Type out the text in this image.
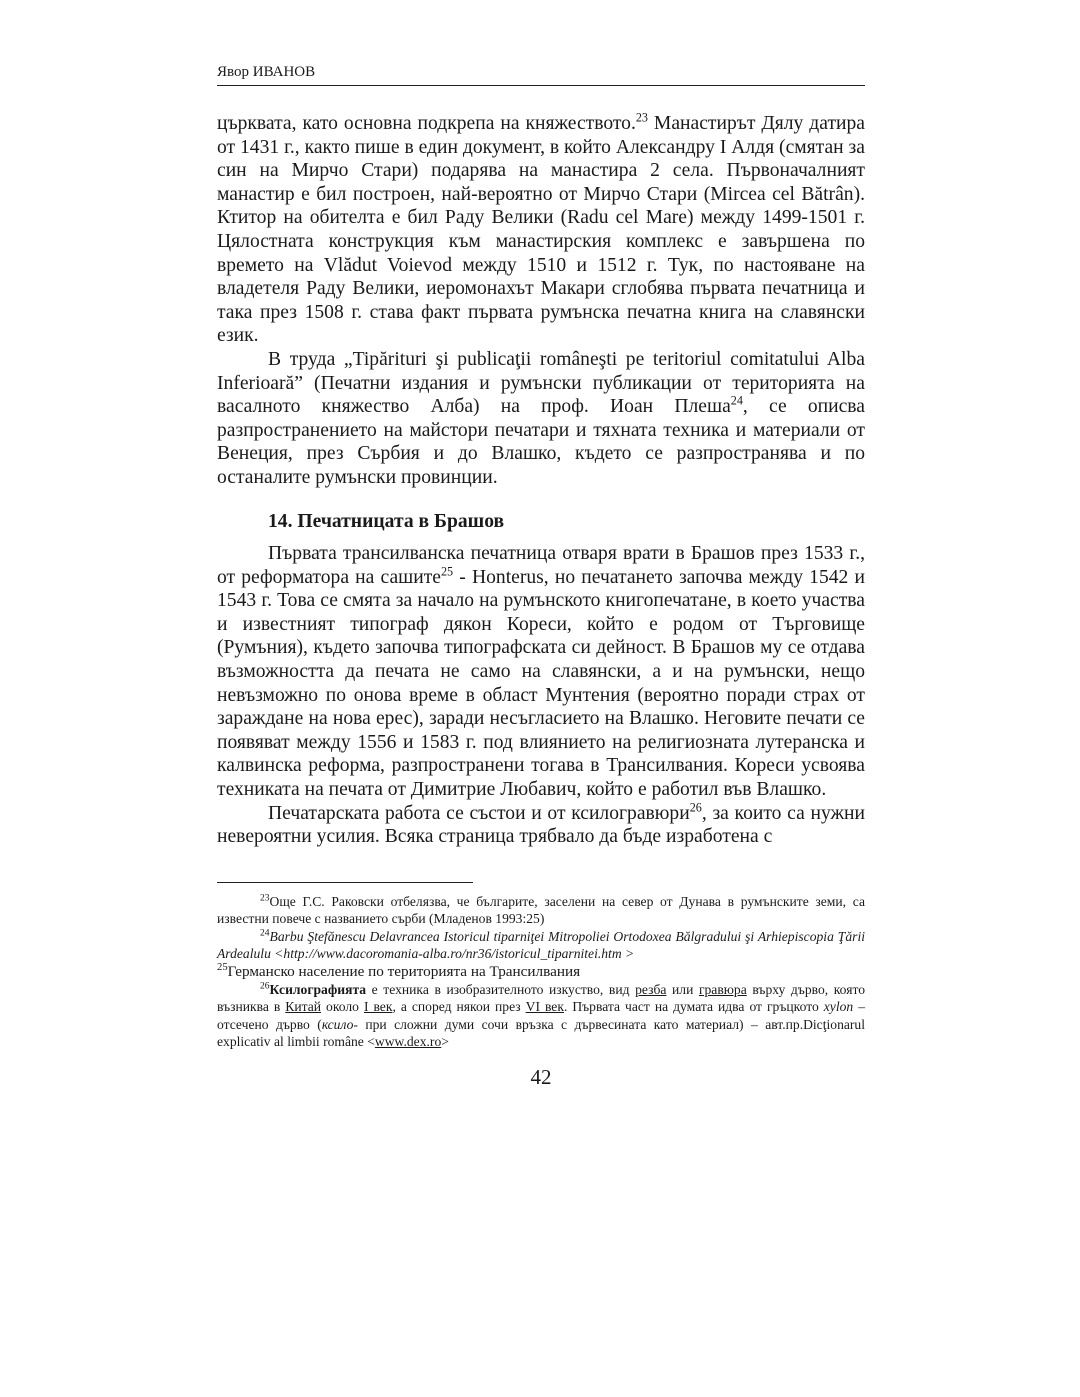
Явор ИВАНОВ

църквата, като основна подкрепа на княжеството.$^{23}$ Манастирът Дялу датира от 1431 г., както пише в един документ, в който Александру I Алдя (смятан за син на Мирчо Стари) подарява на манастира 2 села. Първоначалният манастир е бил построен, най-вероятно от Мирчо Стари (Mircea cel Bătrân). Ктитор на обителта е бил Раду Велики (Radu cel Mare) между 1499-1501 г. Цялостната конструкция към манастирския комплекс е завършена по времето на Vlădut Voievod между 1510 и 1512 г. Тук, по настояване на владетеля Раду Велики, иеромонахът Макари сглобява първата печатница и така през 1508 г. става факт първата румънска печатна книга на славянски език.

В труда „Tipărituri şi publicaţii româneşti pe teritoriul comitatului Alba Inferioară” (Печатни издания и румънски публикации от територията на васалното княжество Алба) на проф. Иоан Плеша$^{24}$, се описва разпространението на майстори печатари и тяхната техника и материали от Венеция, през Сърбия и до Влашко, където се разпространява и по останалите румънски провинции.

14. Печатницата в Брашов

Първата трансилванска печатница отваря врати в Брашов през 1533 г., от реформатора на сашите$^{25}$ - Honterus, но печатането започва между 1542 и 1543 г. Това се смята за начало на румънското книгопечатане, в което участва и известният типограф дякон Кореси, който е родом от Търговище (Румъния), където започва типографската си дейност. В Брашов му се отдава възможността да печата не само на славянски, а и на румънски, нещо невъзможно по онова време в област Мунтения (вероятно поради страх от зараждане на нова ерес), заради несъгласието на Влашко. Неговите печати се появяват между 1556 и 1583 г. под влиянието на религиозната лутеранска и калвинска реформа, разпространени тогава в Трансилвания. Кореси усвоява техниката на печата от Димитрие Любавич, който е работил във Влашко.

Печатарската работа се състои и от ксилогравюри$^{26}$, за които са нужни невероятни усилия. Всяка страница трябвало да бъде изработена с

$^{23}$Още Г.С. Раковски отбелязва, че българите, заселени на север от Дунава в румънските земи, са известни повече с названието сърби (Младенов 1993:25)

$^{24}$Barbu Ştefănescu Delavrancea Istoricul tiparniţei Mitropoliei Ortodoxea Bălgradului şi Arhiepiscopia Ţării Ardealulu <http://www.dacoromania-alba.ro/nr36/istoricul_tiparnitei.htm >

$^{25}$Германско население по територията на Трансилвания

$^{26}$Ксилографията е техника в изобразителното изкуство, вид резба или гравюра върху дърво, която възниква в Китай около I век, а според някои през VI век. Първата част на думата идва от гръцкото xylon – отсечено дърво (ксило- при сложни думи сочи връзка с дървесината като материал) – авт.пр.Dicţionarul explicativ al limbii române <www.dex.ro>

42
